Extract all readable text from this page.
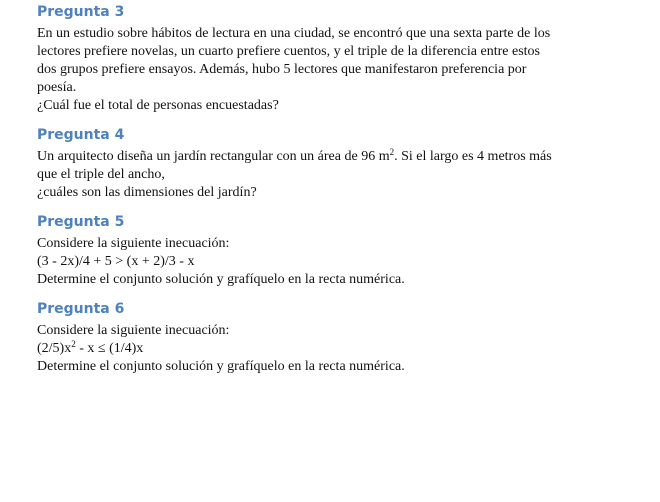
Pregunta 3

En un estudio sobre hábitos de lectura en una ciudad, se encontró que una sexta parte de los

lectores prefiere novelas, un cuarto prefiere cuentos, y el triple de la diferencia entre estos

dos grupos prefiere ensayos. Además, hubo 5 lectores que manifestaron preferencia por

poesía.

¿Cuál fue el total de personas encuestadas?

Pregunta 4

Un arquitecto diseña un jardín rectangular con un área de 96 $m^2$. Si el largo es 4 metros más

que el triple del ancho,

¿cuáles son las dimensiones del jardín?

Pregunta 5

Considere la siguiente inecuación:

(3 - 2x)/4 + 5 > (x + 2)/3 - x

Determine el conjunto solución y grafíquelo en la recta numérica.

Pregunta 6

Considere la siguiente inecuación:

$(2/5)x^2 - x \le (1/4)x$

Determine el conjunto solución y grafíquelo en la recta numérica.
